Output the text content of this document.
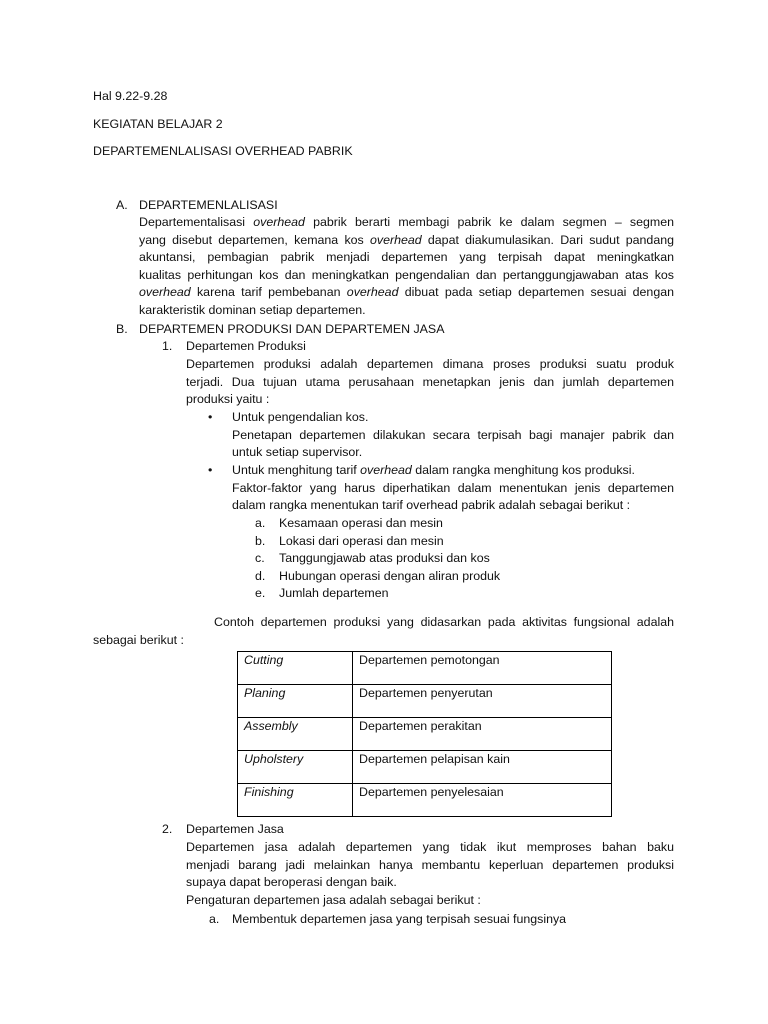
Hal 9.22-9.28
KEGIATAN BELAJAR 2
DEPARTEMENLALISASI OVERHEAD PABRIK
A. DEPARTEMENLALISASI
Departementalisasi overhead pabrik berarti membagi pabrik ke dalam segmen – segmen
yang disebut departemen, kemana kos overhead dapat diakumulasikan. Dari sudut pandang
akuntansi, pembagian pabrik menjadi departemen yang terpisah dapat meningkatkan
kualitas perhitungan kos dan meningkatkan pengendalian dan pertanggungjawaban atas kos
overhead karena tarif pembebanan overhead dibuat pada setiap departemen sesuai dengan
karakteristik dominan setiap departemen.
B. DEPARTEMEN PRODUKSI DAN DEPARTEMEN JASA
1. Departemen Produksi
Departemen produksi adalah departemen dimana proses produksi suatu produk
terjadi. Dua tujuan utama perusahaan menetapkan jenis dan jumlah departemen
produksi yaitu :
• Untuk pengendalian kos.
Penetapan departemen dilakukan secara terpisah bagi manajer pabrik dan
untuk setiap supervisor.
• Untuk menghitung tarif overhead dalam rangka menghitung kos produksi.
Faktor-faktor yang harus diperhatikan dalam menentukan jenis departemen
dalam rangka menentukan tarif overhead pabrik adalah sebagai berikut :
a.
b.
c.
d.
e.
Kesamaan operasi dan mesin
Lokasi dari operasi dan mesin
Tanggungjawab atas produksi dan kos
Hubungan operasi dengan aliran produk
Jumlah departemen
Contoh departemen produksi yang didasarkan pada aktivitas fungsional adalah
sebagai berikut :
Cutting	Departemen pemotongan
Planing	Departemen penyerutan
Assembly	Departemen perakitan
Upholstery	Departemen pelapisan kain
Finishing	Departemen penyelesaian
2. Departemen Jasa
Departemen jasa adalah departemen yang tidak ikut memproses bahan baku
menjadi barang jadi melainkan hanya membantu keperluan departemen produksi
supaya dapat beroperasi dengan baik.
Pengaturan departemen jasa adalah sebagai berikut :
a. Membentuk departemen jasa yang terpisah sesuai fungsinya
